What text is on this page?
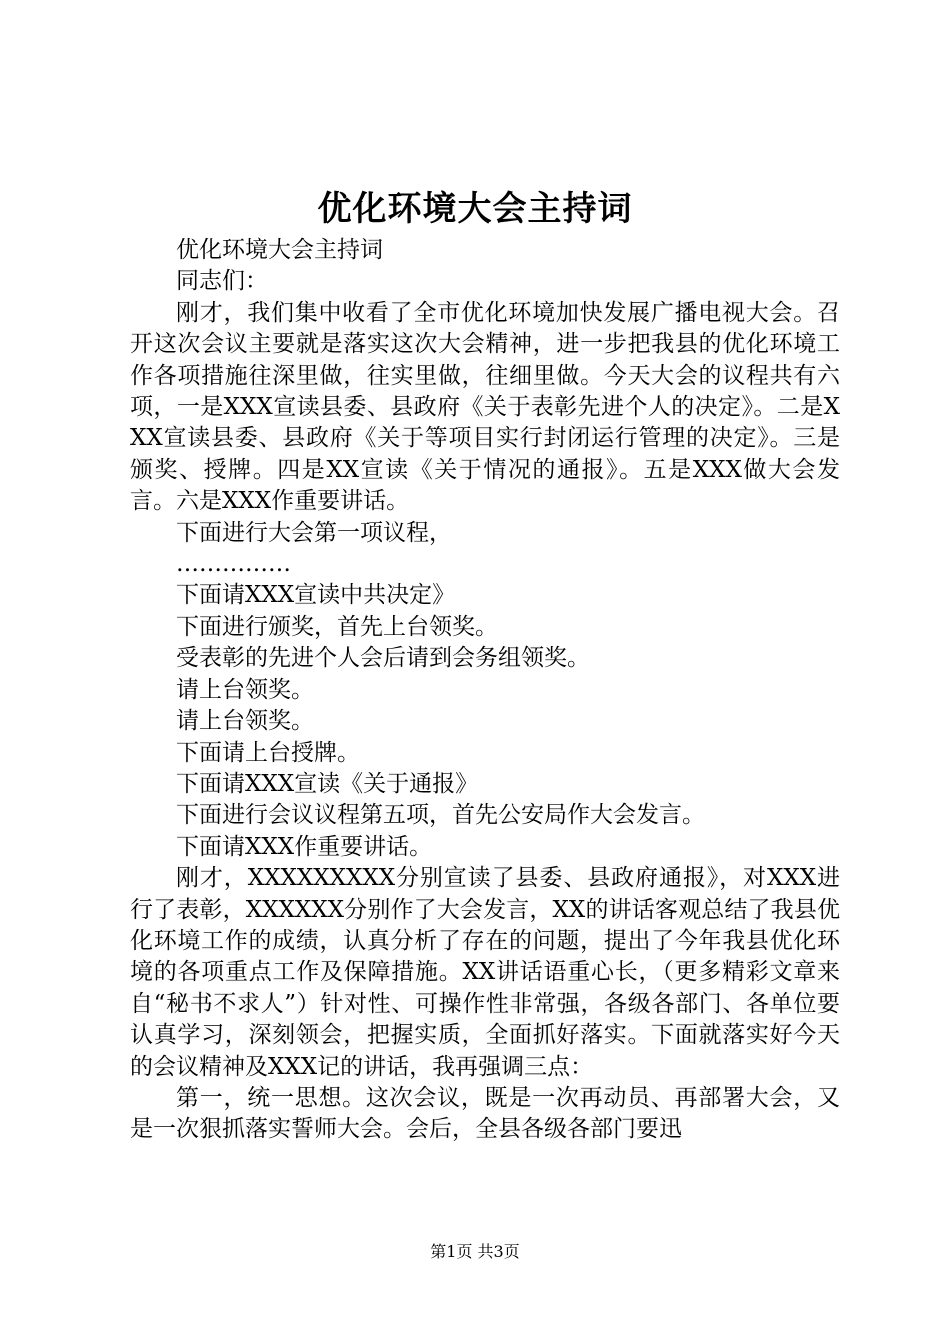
优化环境大会主持词

优化环境大会主持词

同志们：

刚才，我们集中收看了全市优化环境加快发展广播电视大会。召开这次会议主要就是落实这次大会精神，进一步把我县的优化环境工作各项措施往深里做，往实里做，往细里做。今天大会的议程共有六项，一是XXX宣读县委、县政府《关于表彰先进个人的决定》。二是XXX宣读县委、县政府《关于等项目实行封闭运行管理的决定》。三是颁奖、授牌。四是XX宣读《关于情况的通报》。五是XXX做大会发言。六是XXX作重要讲话。

下面进行大会第一项议程，

……………

下面请XXX宣读中共决定》

下面进行颁奖，首先上台领奖。

受表彰的先进个人会后请到会务组领奖。

请上台领奖。

请上台领奖。

下面请上台授牌。

下面请XXX宣读《关于通报》

下面进行会议议程第五项，首先公安局作大会发言。

下面请XXX作重要讲话。

刚才，XXXXXXXXX分别宣读了县委、县政府通报》，对XXX进行了表彰，XXXXXX分别作了大会发言，XX的讲话客观总结了我县优化环境工作的成绩，认真分析了存在的问题，提出了今年我县优化环境的各项重点工作及保障措施。XX讲话语重心长，（更多精彩文章来自“秘书不求人”）针对性、可操作性非常强，各级各部门、各单位要认真学习，深刻领会，把握实质，全面抓好落实。下面就落实好今天的会议精神及XXX记的讲话，我再强调三点：

第一，统一思想。这次会议，既是一次再动员、再部署大会，又是一次狠抓落实誓师大会。会后，全县各级各部门要迅

第1页 共3页
